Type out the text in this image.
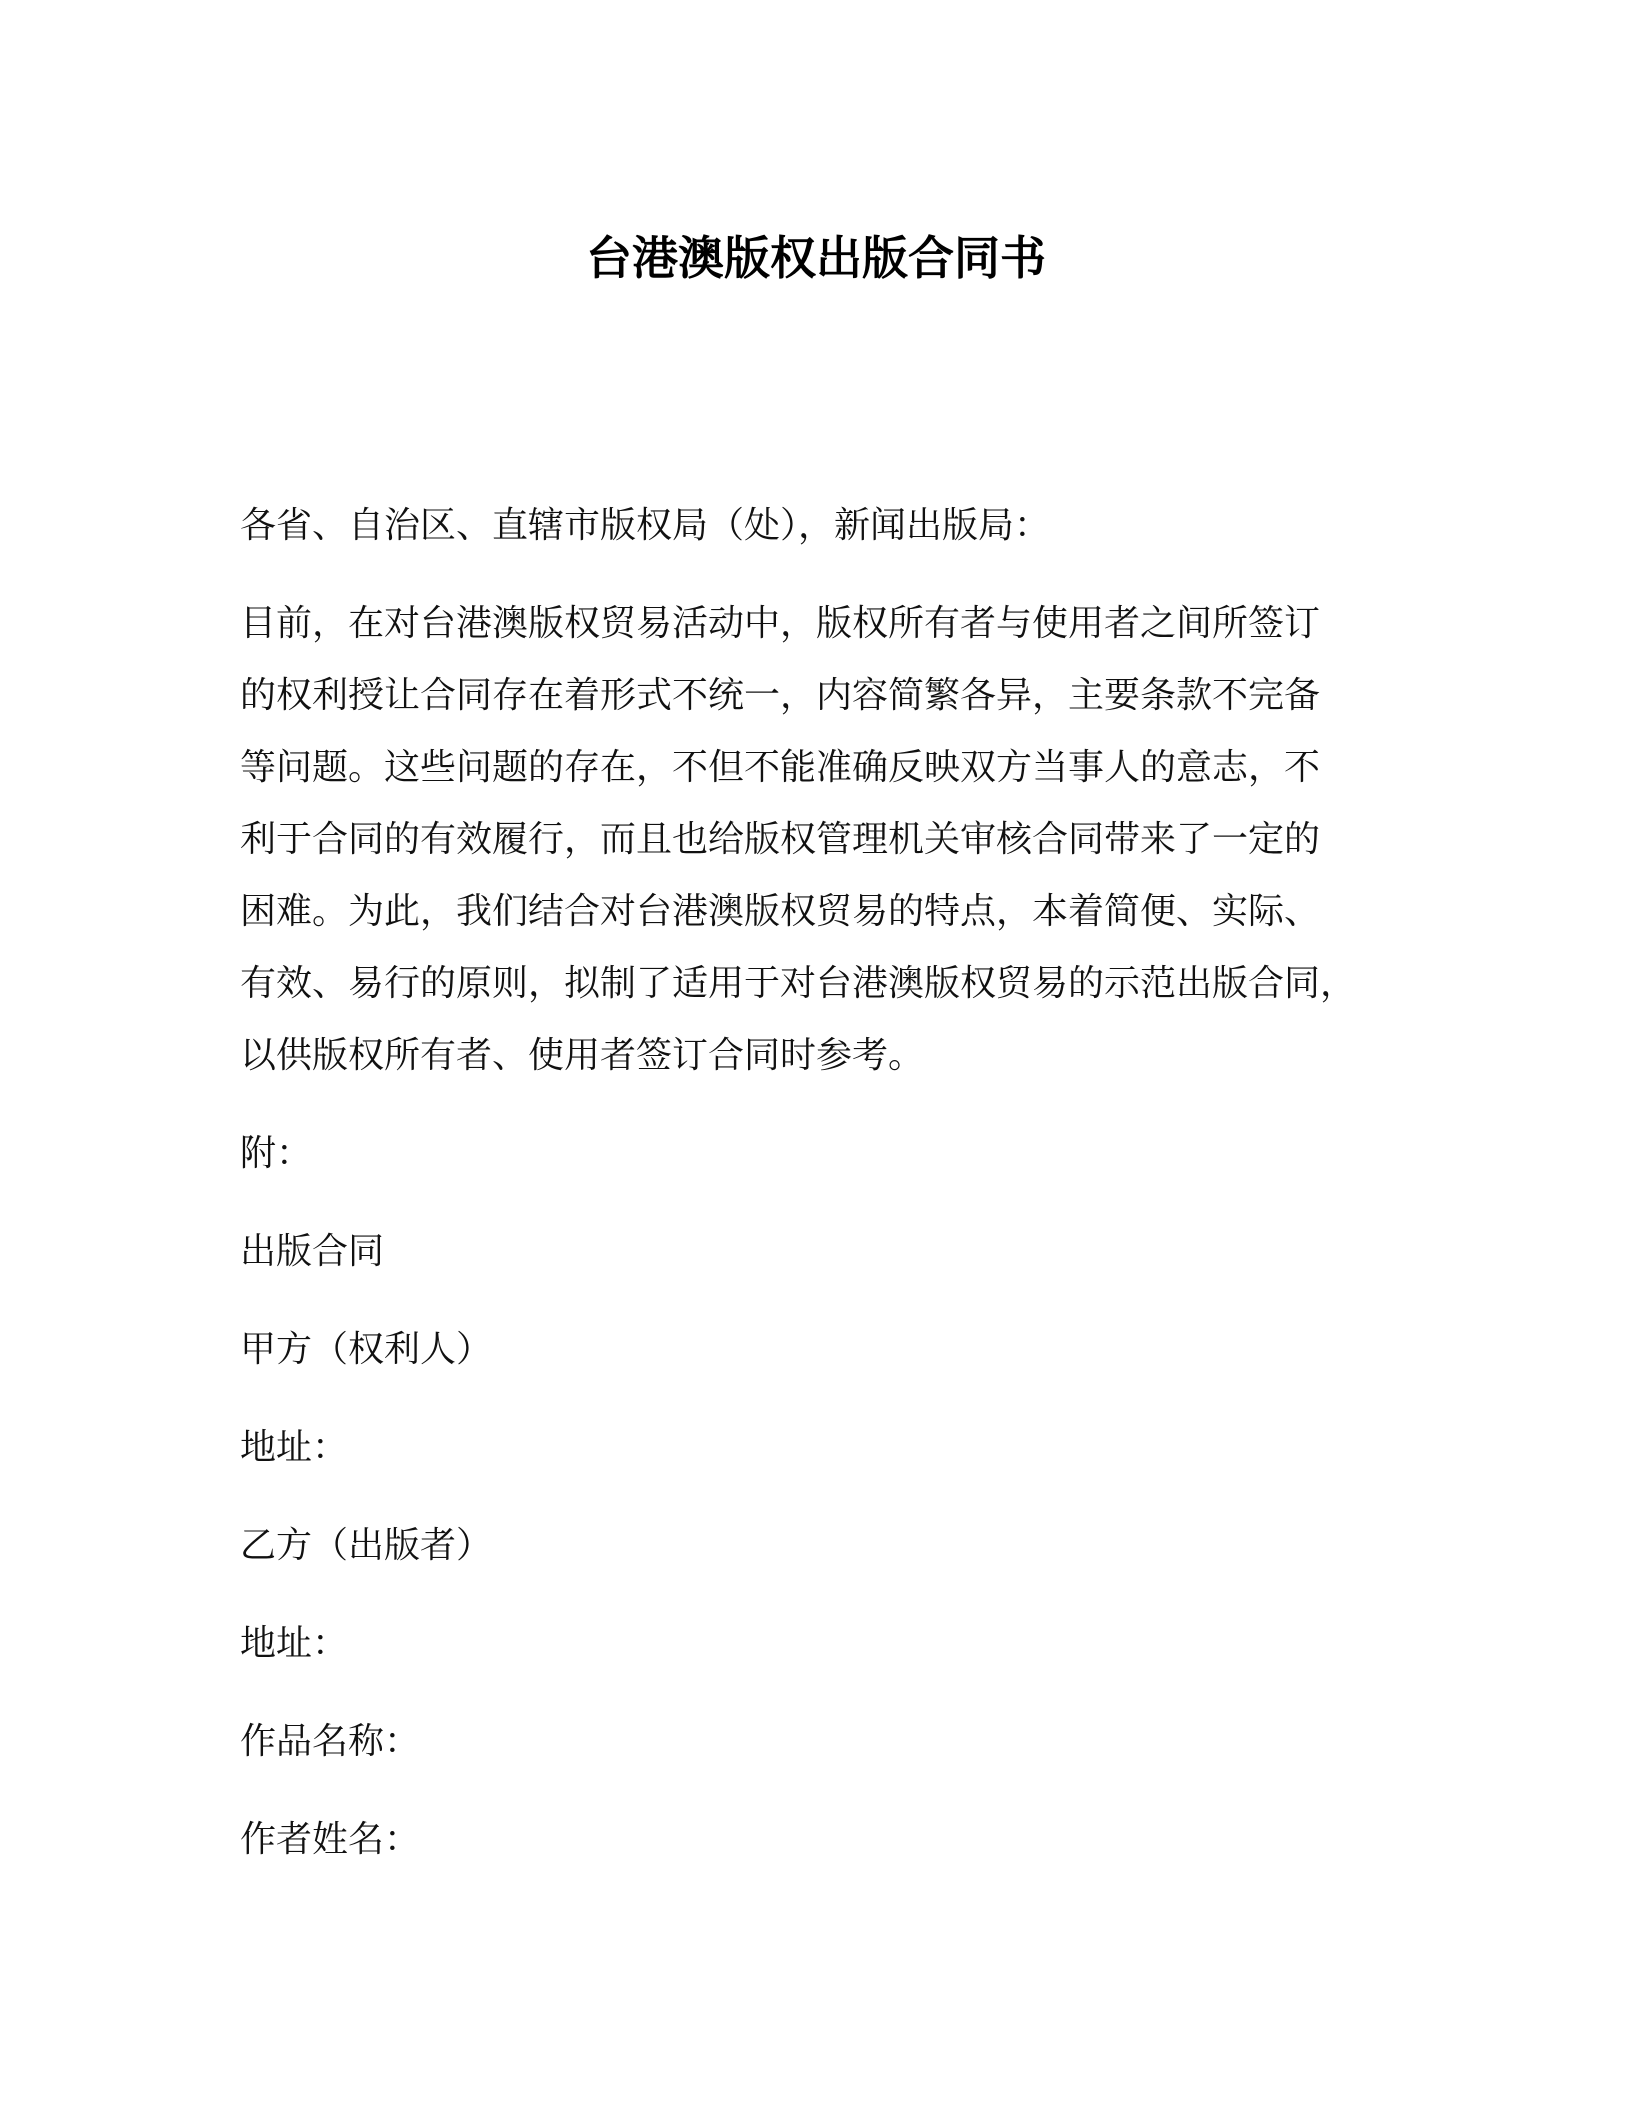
台港澳版权出版合同书
各省、自治区、直辖市版权局（处），新闻出版局：
目前，在对台港澳版权贸易活动中，版权所有者与使用者之间所签订
的权利授让合同存在着形式不统一，内容简繁各异，主要条款不完备
等问题。这些问题的存在，不但不能准确反映双方当事人的意志，不
利于合同的有效履行，而且也给版权管理机关审核合同带来了一定的
困难。为此，我们结合对台港澳版权贸易的特点，本着简便、实际、
有效、易行的原则，拟制了适用于对台港澳版权贸易的示范出版合同，
以供版权所有者、使用者签订合同时参考。
附：
出版合同
甲方（权利人）
地址：
乙方（出版者）
地址：
作品名称：
作者姓名：
